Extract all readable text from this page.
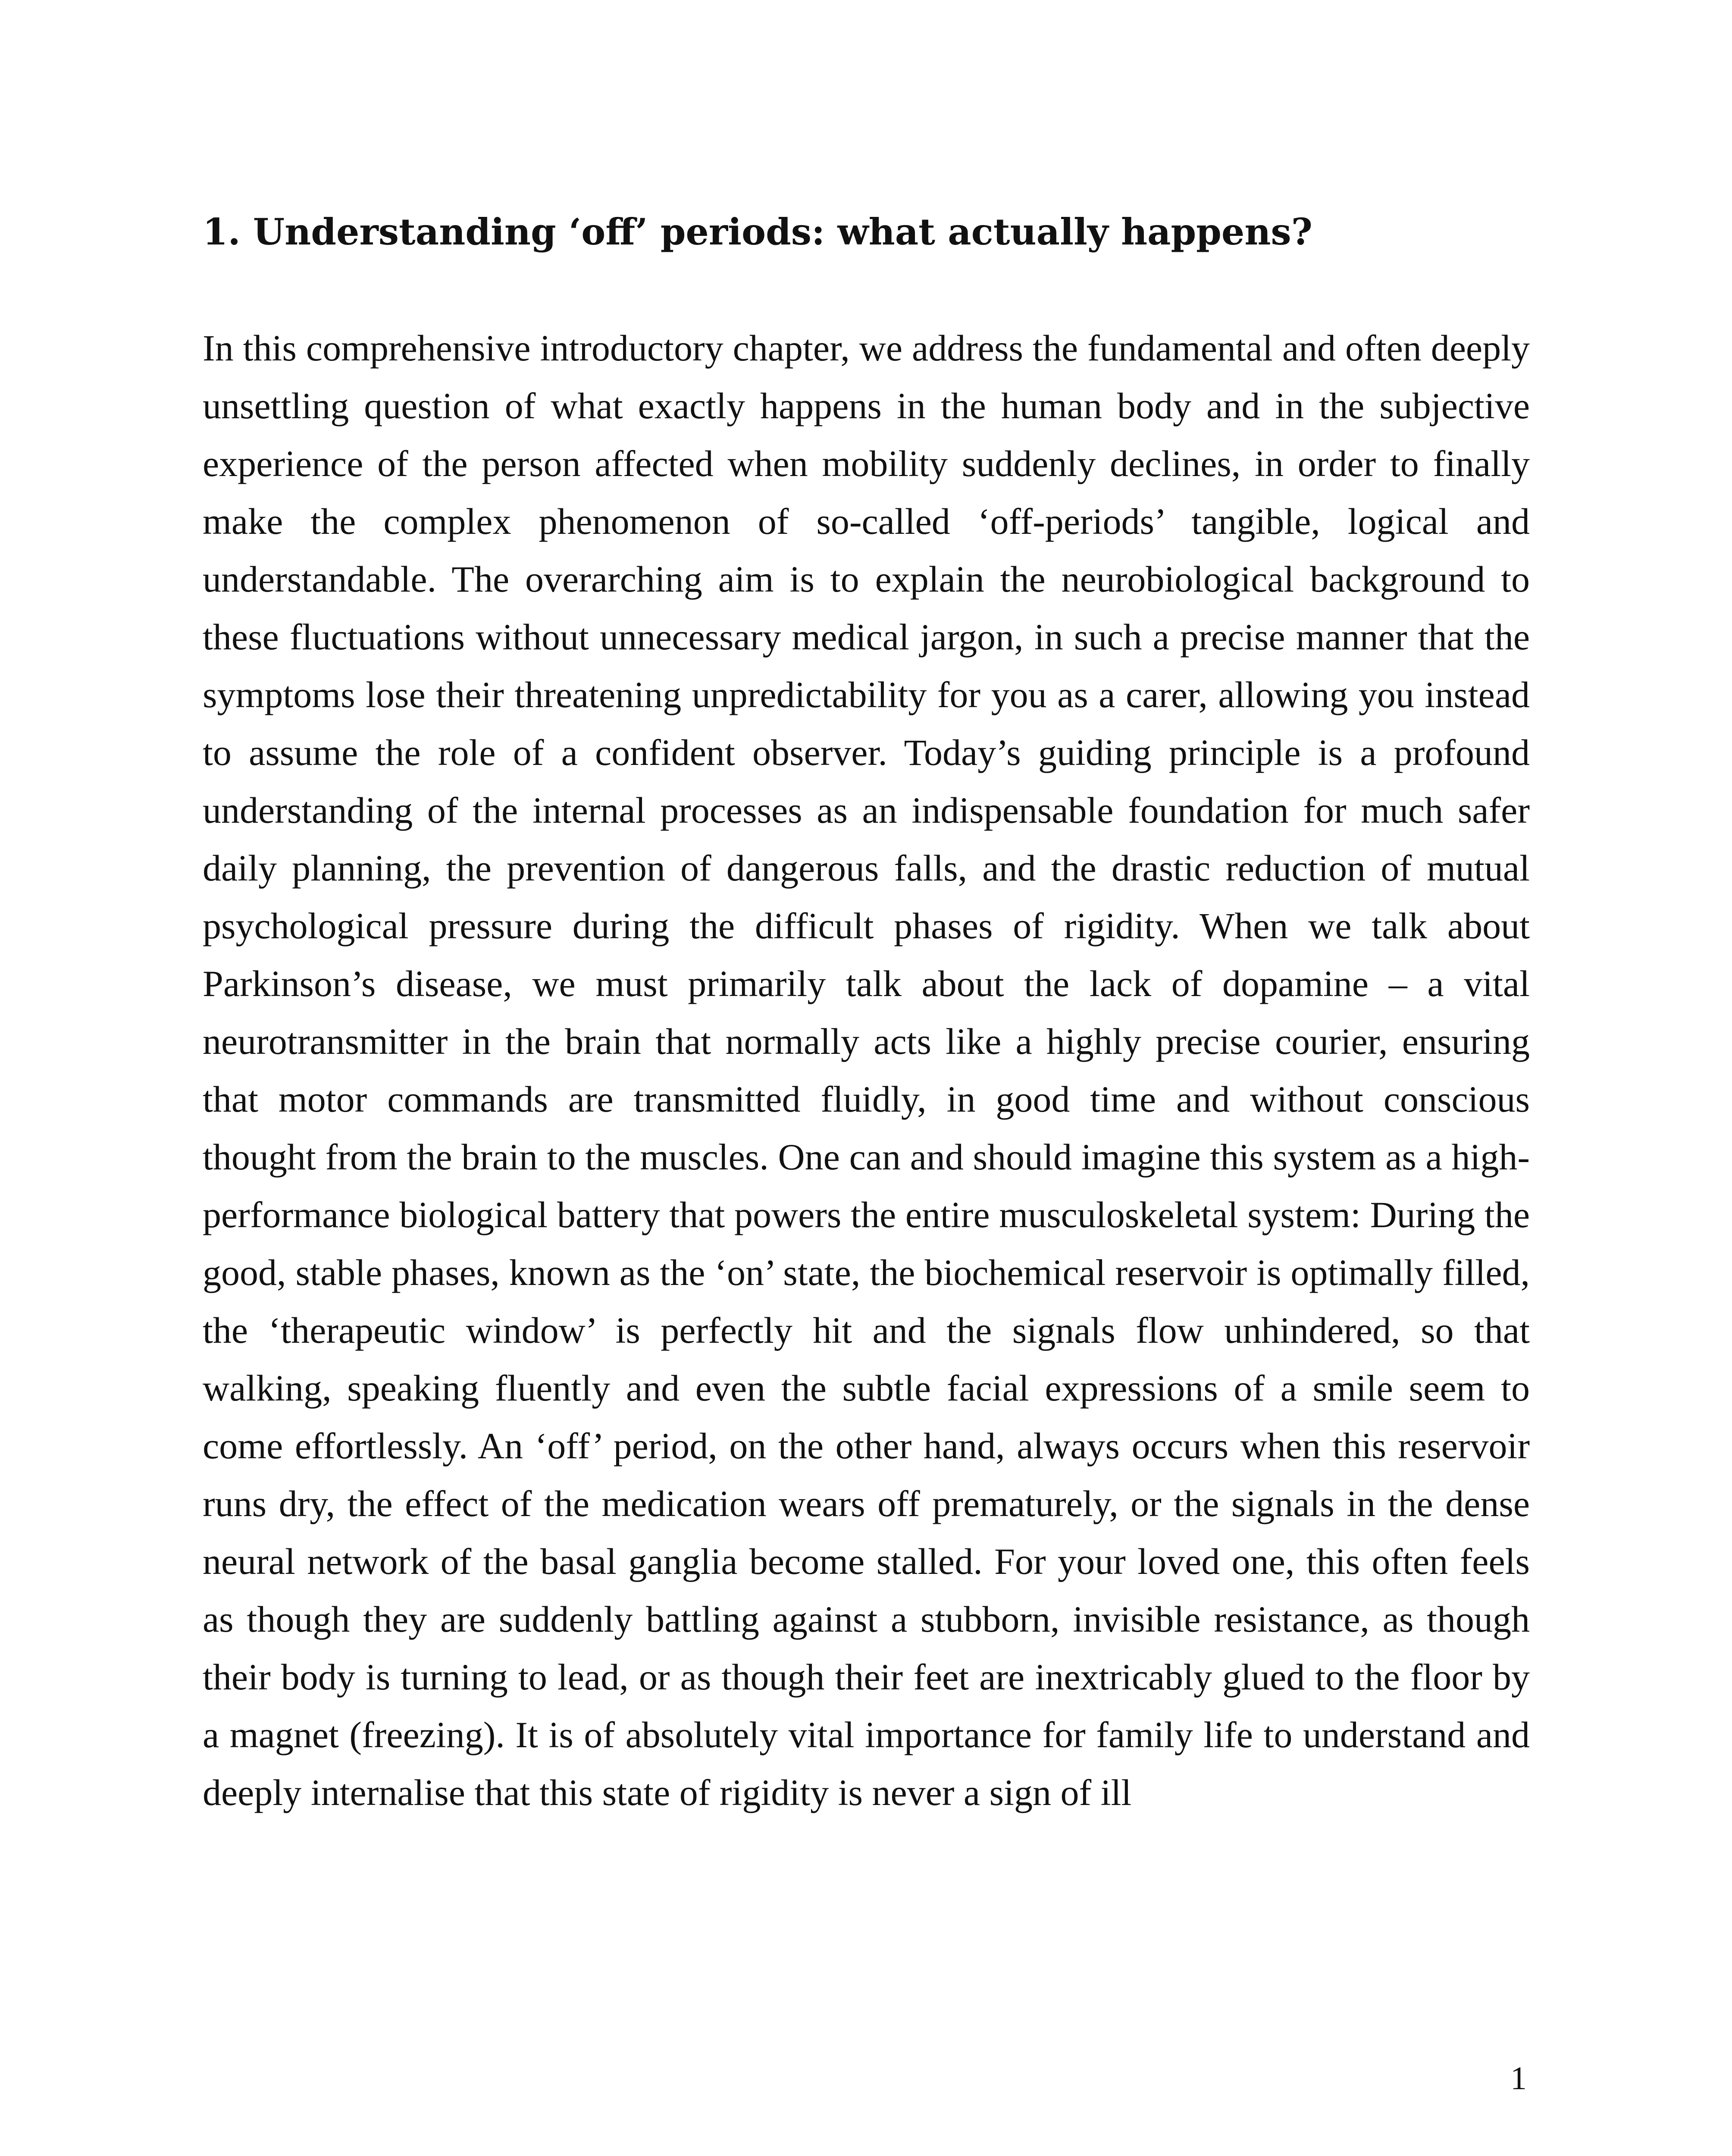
1. Understanding ‘off’ periods: what actually happens?

In this comprehensive introductory chapter, we address the fundamental and often deeply unsettling question of what exactly happens in the human body and in the subjective experience of the person affected when mobility suddenly declines, in order to finally make the complex phenomenon of so-called ‘off-periods’ tangible, logical and understandable. The overarching aim is to explain the neurobiological background to these fluctuations without unnecessary medical jargon, in such a precise manner that the symptoms lose their threatening unpredictability for you as a carer, allowing you instead to assume the role of a confident observer. Today’s guiding principle is a profound understanding of the internal processes as an indispensable foundation for much safer daily planning, the prevention of dangerous falls, and the drastic reduction of mutual psychological pressure during the difficult phases of rigidity. When we talk about Parkinson’s disease, we must primarily talk about the lack of dopamine – a vital neurotransmitter in the brain that normally acts like a highly precise courier, ensuring that motor commands are transmitted fluidly, in good time and without conscious thought from the brain to the muscles. One can and should imagine this system as a high-performance biological battery that powers the entire musculoskeletal system: During the good, stable phases, known as the ‘on’ state, the biochemical reservoir is optimally filled, the ‘therapeutic window’ is perfectly hit and the signals flow unhindered, so that walking, speaking fluently and even the subtle facial expressions of a smile seem to come effortlessly. An ‘off’ period, on the other hand, always occurs when this reservoir runs dry, the effect of the medication wears off prematurely, or the signals in the dense neural network of the basal ganglia become stalled. For your loved one, this often feels as though they are suddenly battling against a stubborn, invisible resistance, as though their body is turning to lead, or as though their feet are inextricably glued to the floor by a magnet (freezing). It is of absolutely vital importance for family life to understand and deeply internalise that this state of rigidity is never a sign of ill

1
